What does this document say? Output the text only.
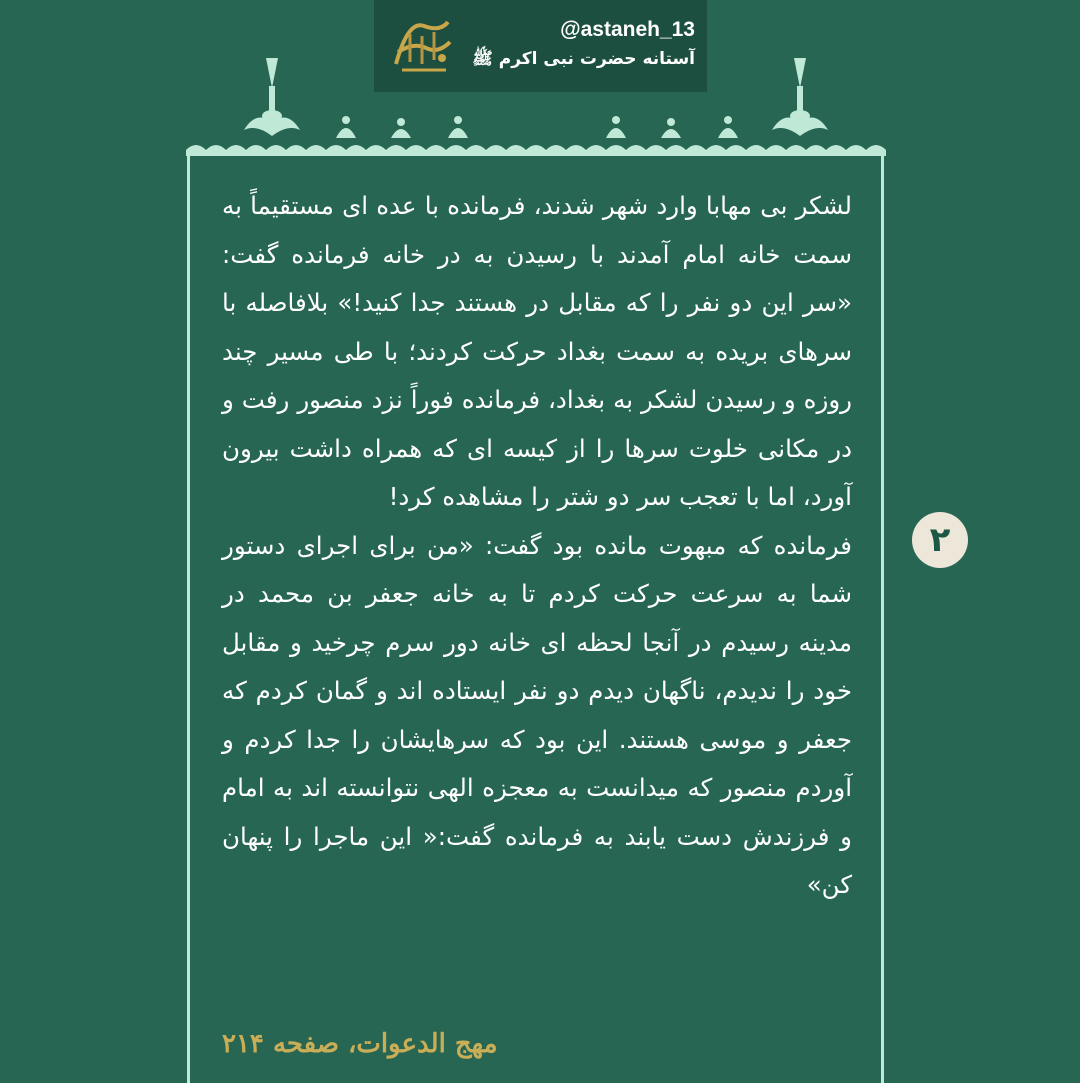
@astaneh_13
آستانه حضرت نبی اکرم ﷺ

لشکر بی مهابا وارد شهر شدند، فرمانده با عده ای مستقیماً به سمت خانه امام آمدند با رسیدن به در خانه فرمانده گفت: «سر این دو نفر را که مقابل در هستند جدا کنید!» بلافاصله با سرهای بریده به سمت بغداد حرکت کردند؛ با طی مسیر چند روزه و رسیدن لشکر به بغداد، فرمانده فوراً نزد منصور رفت و در مکانی خلوت سرها را از کیسه ای که همراه داشت بیرون آورد، اما با تعجب سر دو شتر را مشاهده کرد!

فرمانده که مبهوت مانده بود گفت: «من برای اجرای دستور شما به سرعت حرکت کردم تا به خانه جعفر بن محمد در مدینه رسیدم در آنجا لحظه ای خانه دور سرم چرخید و مقابل خود را ندیدم، ناگهان دیدم دو نفر ایستاده اند و گمان کردم که جعفر و موسی هستند. این بود که سرهایشان را جدا کردم و آوردم منصور که میدانست به معجزه الهی نتوانسته اند به امام و فرزندش دست یابند به فرمانده گفت:« این ماجرا را پنهان کن»

مهج الدعوات، صفحه ۲۱۴
۲
